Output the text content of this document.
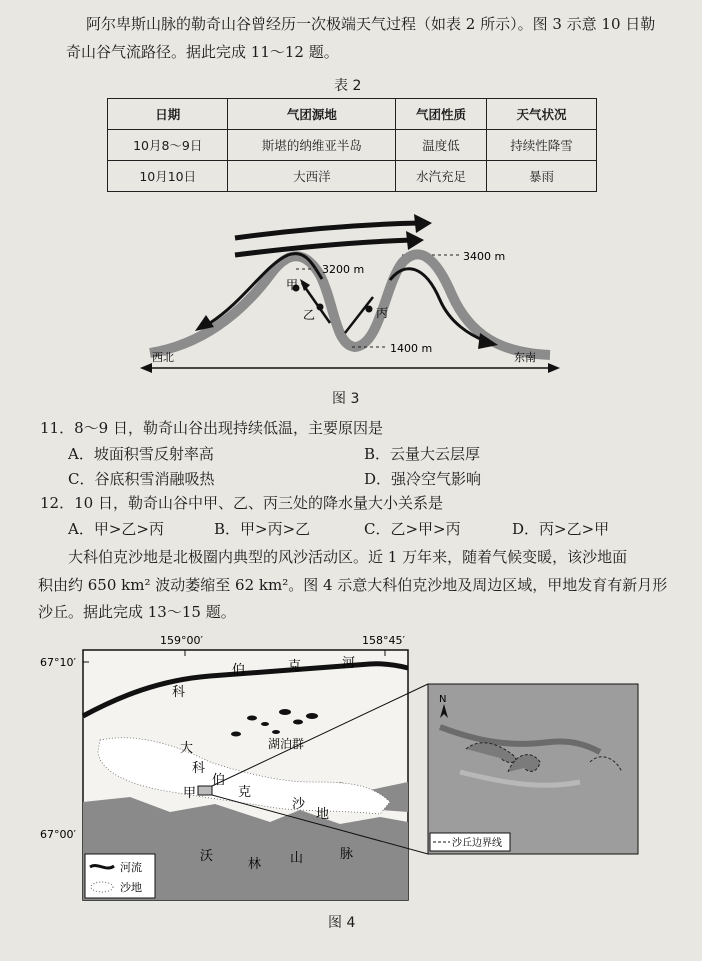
阿尔卑斯山脉的勒奇山谷曾经历一次极端天气过程（如表 2 所示）。图 3 示意 10 日勒
奇山谷气流路径。据此完成 11～12 题。
表 2
日期	气团源地	气团性质	天气状况
10月8～9日	斯堪的纳维亚半岛	温度低	持续性降雪
10月10日	大西洋	水汽充足	暴雨
3400 m
甲
乙	丙
3200 m
1400 m
西北	东南
图 3
11．8～9 日，勒奇山谷出现持续低温，主要原因是
A．坡面积雪反射率高	B．云量大云层厚
C．谷底积雪消融吸热	D．强冷空气影响
12．10 日，勒奇山谷中甲、乙、丙三处的降水量大小关系是
A．甲>乙>丙	B．甲>丙>乙	C．乙>甲>丙	D．丙>乙>甲
大科伯克沙地是北极圈内典型的风沙活动区。近 1 万年来，随着气候变暖，该沙地面
积由约 650 km² 波动萎缩至 62 km²。图 4 示意大科伯克沙地及周边区域，甲地发育有新月形
沙丘。据此完成 13～15 题。
159°00′	158°45′
67°10′
67°00′
湖泊群
科
伯	克	河
大
科
伯
克
沙
地
甲
沃
林 山	脉
河流
沙地
N
沙丘边界线
图 4
